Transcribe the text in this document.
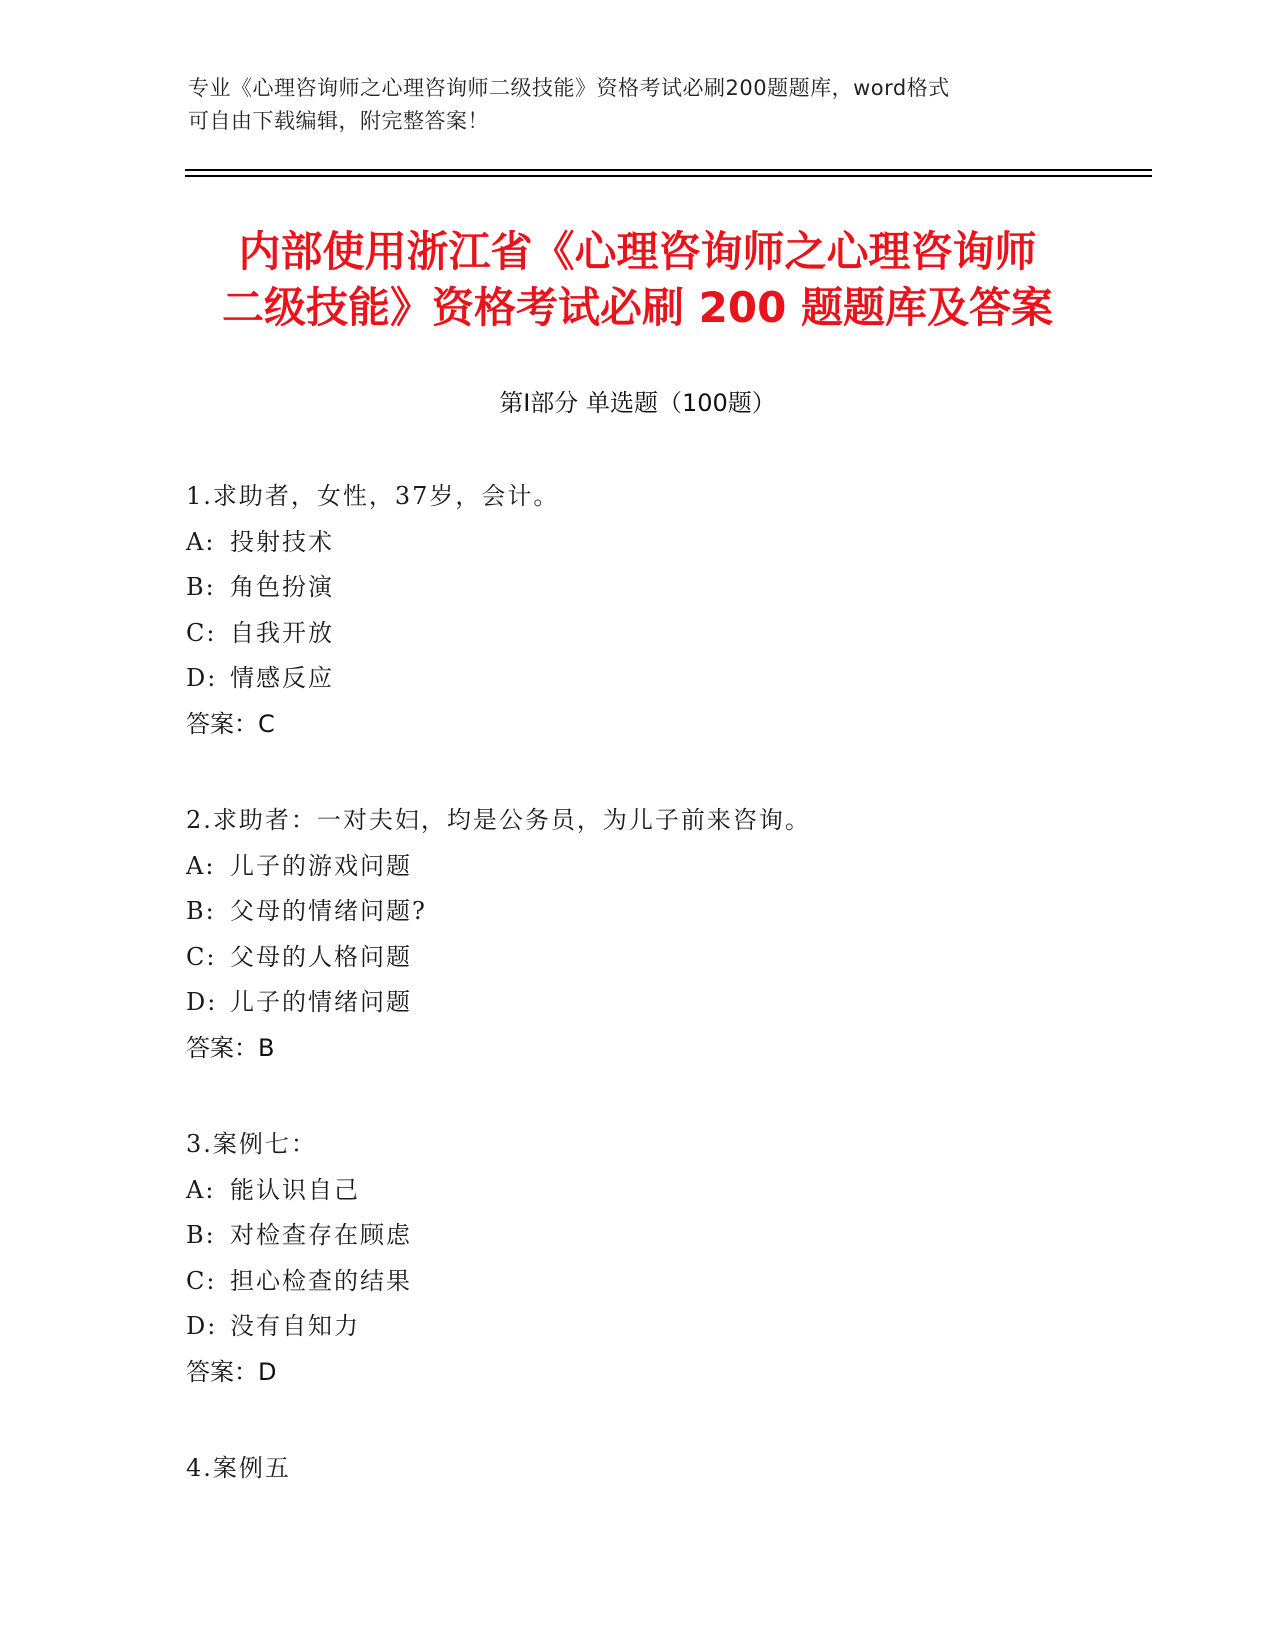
专业《心理咨询师之心理咨询师二级技能》资格考试必刷200题题库，word格式
可自由下载编辑，附完整答案！
内部使用浙江省《心理咨询师之心理咨询师
二级技能》资格考试必刷 200 题题库及答案
第Ⅰ部分 单选题（100题）
1.求助者，女性，37岁，会计。
A: 投射技术
B: 角色扮演
C: 自我开放
D: 情感反应
答案：C
2.求助者：一对夫妇，均是公务员，为儿子前来咨询。
A: 儿子的游戏问题
B: 父母的情绪问题?
C: 父母的人格问题
D: 儿子的情绪问题
答案：B
3.案例七：
A: 能认识自己
B: 对检查存在顾虑
C: 担心检查的结果
D: 没有自知力
答案：D
4.案例五
